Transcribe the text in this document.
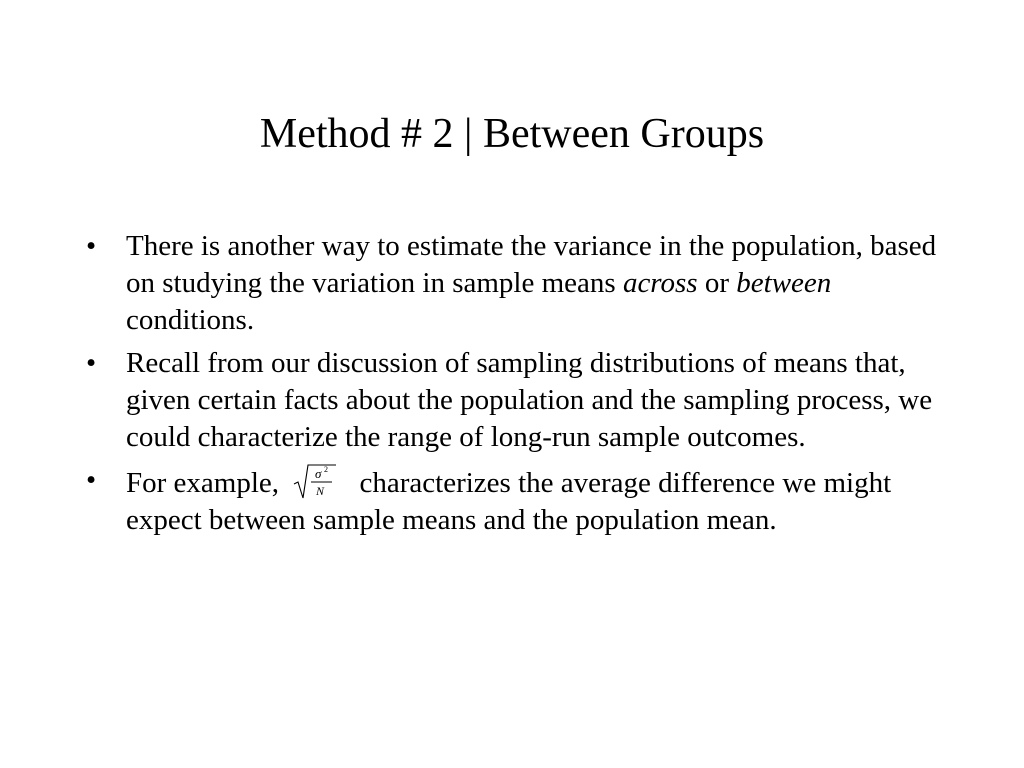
Method # 2 | Between Groups
•	There is another way to estimate the variance in the population, based on studying the variation in sample means across or between conditions.
•	Recall from our discussion of sampling distributions of means that, given certain facts about the population and the sampling process, we could characterize the range of long-run sample outcomes.
•	For example, σ 2
N characterizes the average difference we might expect between sample means and the population mean.
